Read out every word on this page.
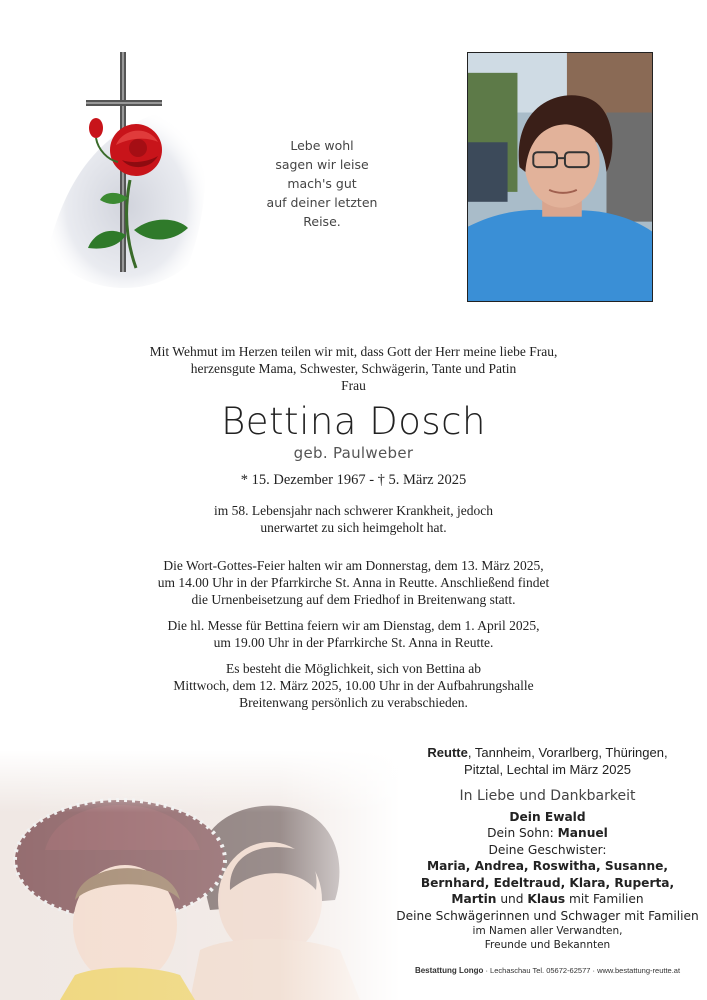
Lebe wohl
sagen wir leise
mach's gut
auf deiner letzten
Reise.
Mit Wehmut im Herzen teilen wir mit, dass Gott der Herr meine liebe Frau,
herzensgute Mama, Schwester, Schwägerin, Tante und Patin
Frau
Bettina Dosch
geb. Paulweber
* 15. Dezember 1967 - † 5. März 2025
im 58. Lebensjahr nach schwerer Krankheit, jedoch
unerwartet zu sich heimgeholt hat.
Die Wort-Gottes-Feier halten wir am Donnerstag, dem 13. März 2025,
um 14.00 Uhr in der Pfarrkirche St. Anna in Reutte. Anschließend findet
die Urnenbeisetzung auf dem Friedhof in Breitenwang statt.
Die hl. Messe für Bettina feiern wir am Dienstag, dem 1. April 2025,
um 19.00 Uhr in der Pfarrkirche St. Anna in Reutte.
Es besteht die Möglichkeit, sich von Bettina ab
Mittwoch, dem 12. März 2025, 10.00 Uhr in der Aufbahrungshalle
Breitenwang persönlich zu verabschieden.
Reutte, Tannheim, Vorarlberg, Thüringen,
Pitztal, Lechtal im März 2025
In Liebe und Dankbarkeit
Dein Ewald
Dein Sohn: Manuel
Deine Geschwister:
Maria, Andrea, Roswitha, Susanne,
Bernhard, Edeltraud, Klara, Ruperta,
Martin und Klaus mit Familien
Deine Schwägerinnen und Schwager mit Familien
im Namen aller Verwandten,
Freunde und Bekannten
Bestattung Longo · Lechaschau Tel. 05672-62577 · www.bestattung-reutte.at
